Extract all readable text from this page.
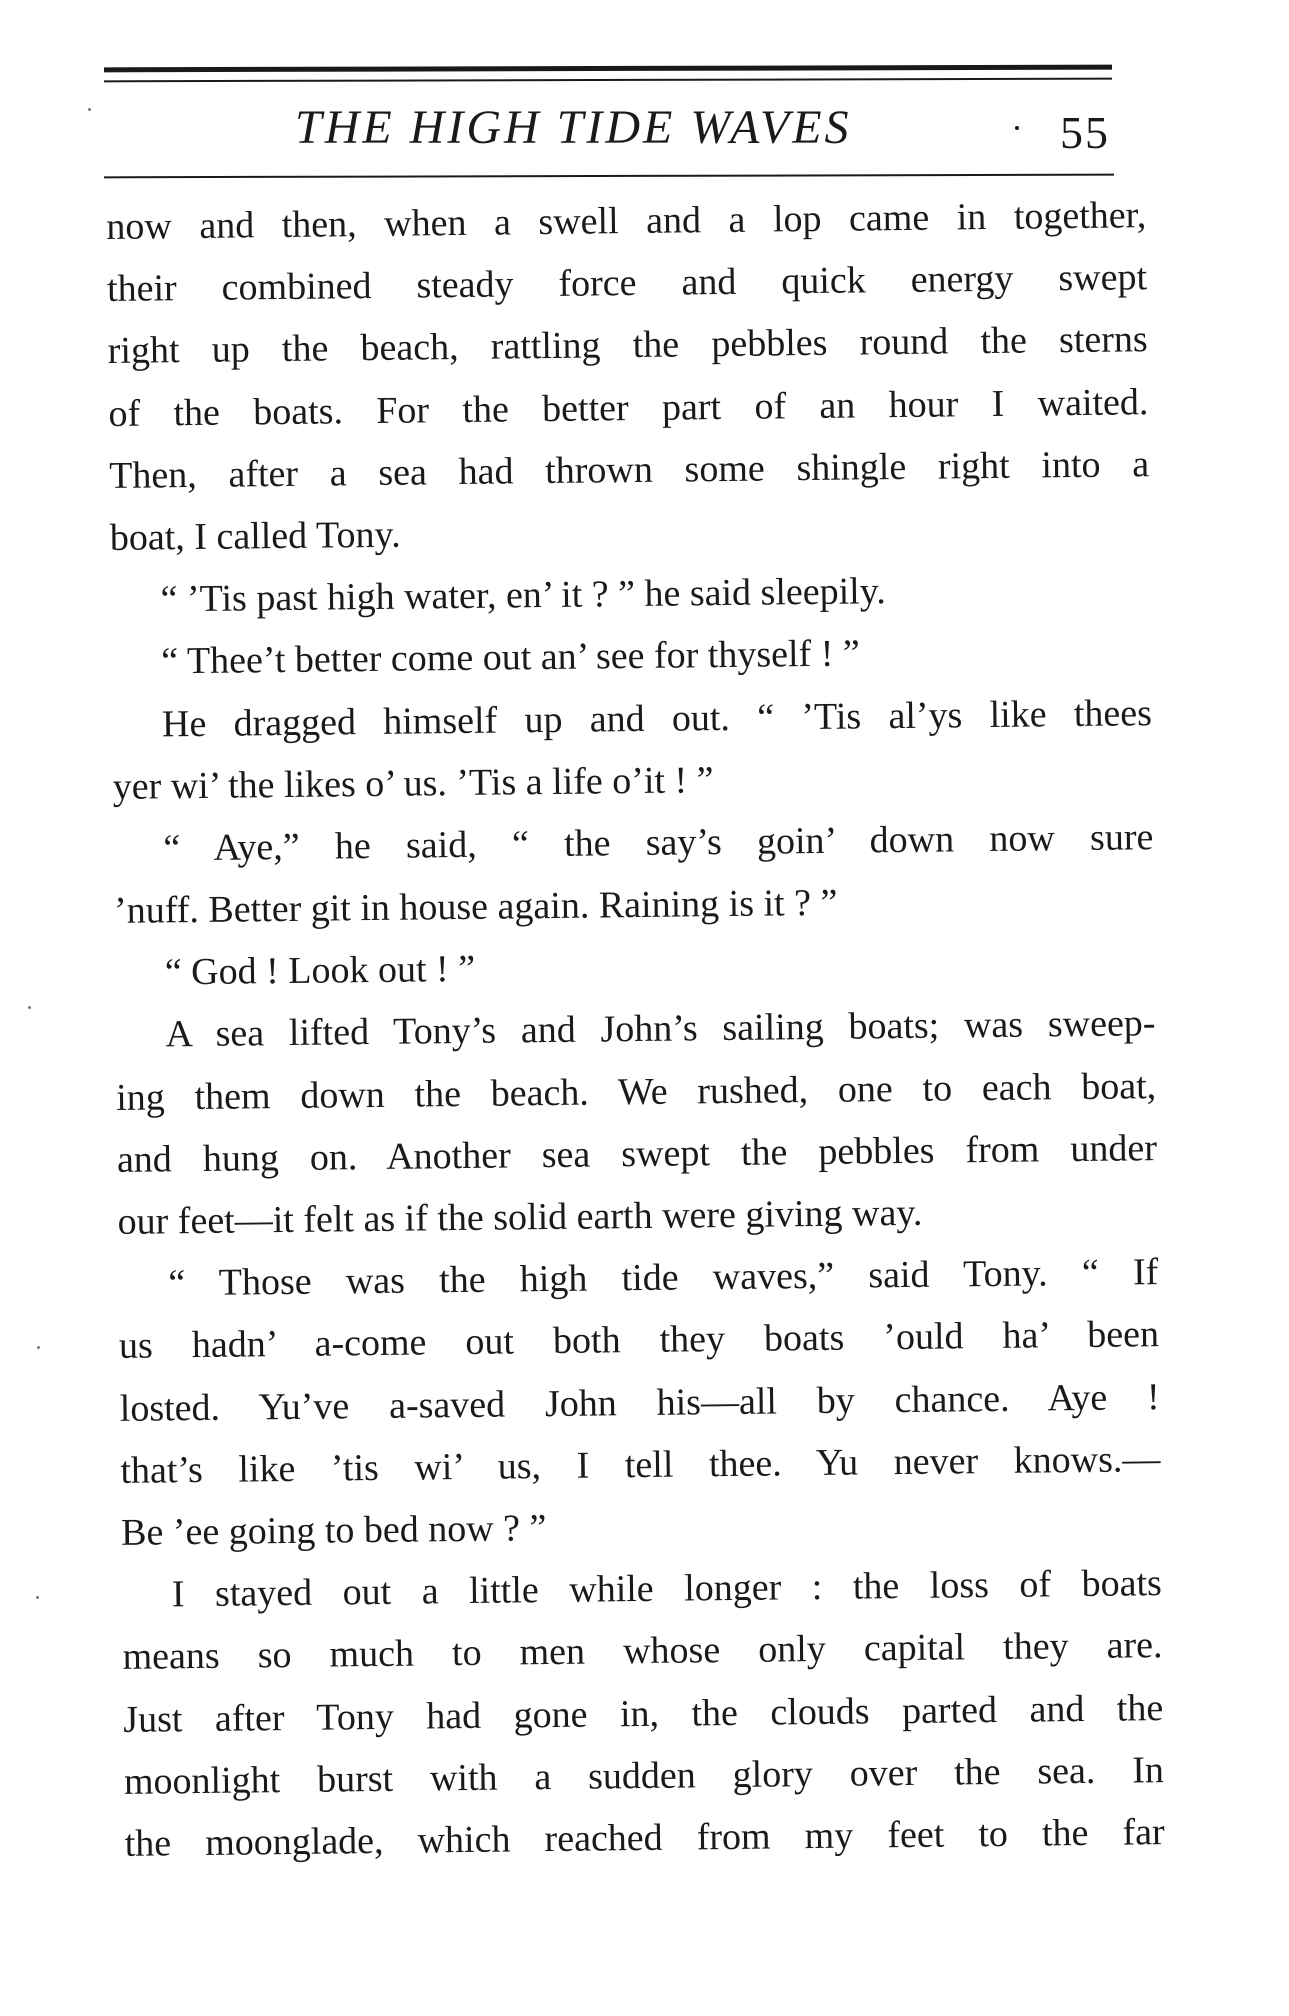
THE HIGH TIDE WAVES	55
now and then, when a swell and a lop came in together,
their combined steady force and quick energy swept
right up the beach, rattling the pebbles round the sterns
of the boats. For the better part of an hour I waited.
Then, after a sea had thrown some shingle right into a
boat, I called Tony.
“ ’Tis past high water, en’ it ? ” he said sleepily.
“ Thee’t better come out an’ see for thyself ! ”
He dragged himself up and out. “ ’Tis al’ys like thees
yer wi’ the likes o’ us. ’Tis a life o’it ! ”
“ Aye,” he said, “ the say’s goin’ down now sure
’nuff. Better git in house again. Raining is it ? ”
“ God ! Look out ! ”
A sea lifted Tony’s and John’s sailing boats; was sweep-
ing them down the beach. We rushed, one to each boat,
and hung on. Another sea swept the pebbles from under
our feet—it felt as if the solid earth were giving way.
“ Those was the high tide waves,” said Tony. “ If
us hadn’ a-come out both they boats ’ould ha’ been
losted. Yu’ve a-saved John his—all by chance. Aye !
that’s like ’tis wi’ us, I tell thee. Yu never knows.—
Be ’ee going to bed now ? ”
I stayed out a little while longer : the loss of boats
means so much to men whose only capital they are.
Just after Tony had gone in, the clouds parted and the
moonlight burst with a sudden glory over the sea. In
the moonglade, which reached from my feet to the far
